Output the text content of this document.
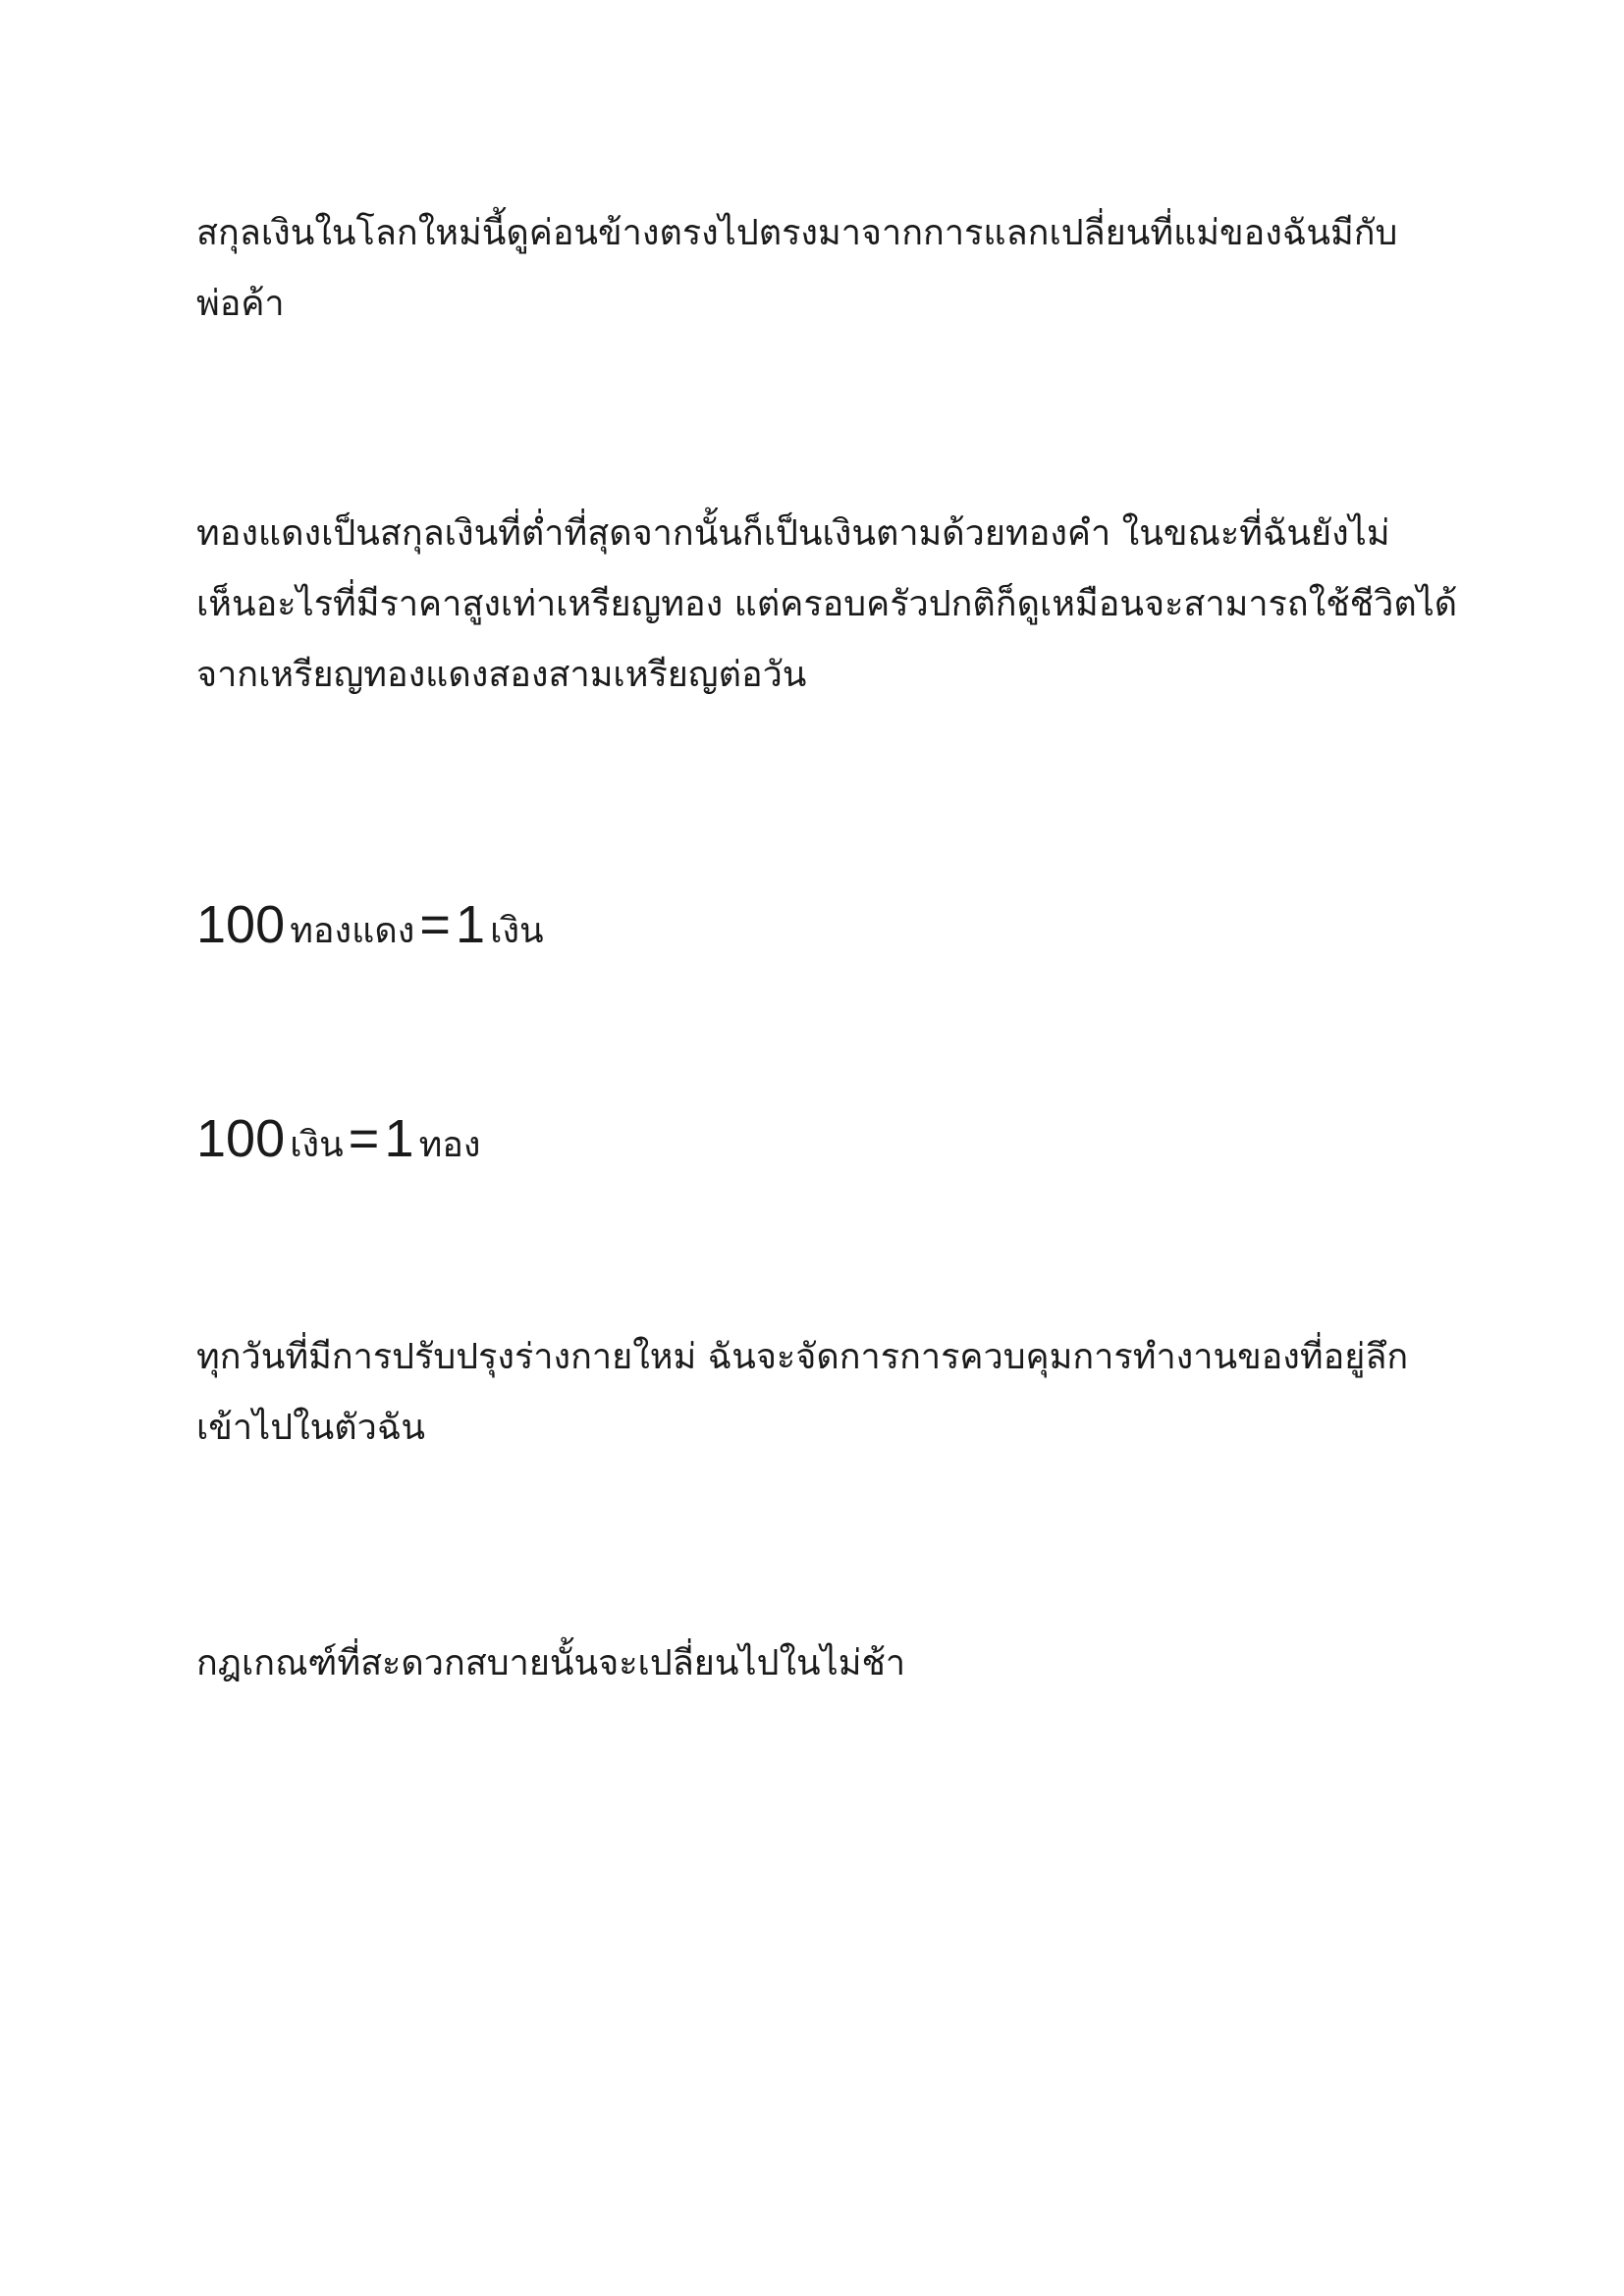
สกุลเงินในโลกใหม่นี้ดูค่อนข้างตรงไปตรงมาจากการแลกเปลี่ยนที่แม่ของฉันมีกับ
พ่อค้า

ทองแดงเป็นสกุลเงินที่ต่ำที่สุดจากนั้นก็เป็นเงินตามด้วยทองคำ ในขณะที่ฉันยังไม่
เห็นอะไรที่มีราคาสูงเท่าเหรียญทอง แต่ครอบครัวปกติก็ดูเหมือนจะสามารถใช้ชีวิตได้
จากเหรียญทองแดงสองสามเหรียญต่อวัน

100 ทองแดง = 1 เงิน

100 เงิน = 1 ทอง

ทุกวันที่มีการปรับปรุงร่างกายใหม่ ฉันจะจัดการการควบคุมการทำงานของที่อยู่ลึก
เข้าไปในตัวฉัน

กฎเกณฑ์ที่สะดวกสบายนั้นจะเปลี่ยนไปในไม่ช้า
